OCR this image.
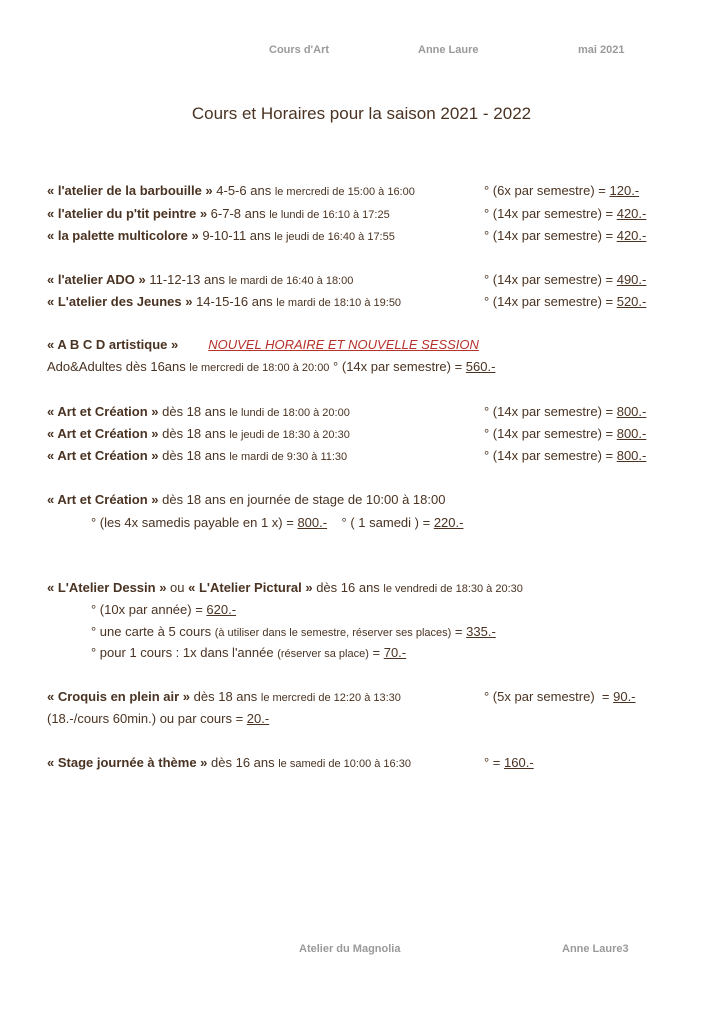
Cours d'Art	Anne Laure	mai 2021
Cours et Horaires pour la saison 2021 - 2022
« l'atelier de la barbouille » 4-5-6 ans le mercredi de 15:00 à 16:00	° (6x par semestre) = 120.-
« l'atelier du p'tit peintre » 6-7-8 ans le lundi de 16:10 à 17:25	° (14x par semestre) = 420.-
« la palette multicolore » 9-10-11 ans le jeudi de 16:40 à 17:55	° (14x par semestre) = 420.-
« l'atelier ADO » 11-12-13 ans le mardi de 16:40 à 18:00	° (14x par semestre) = 490.-
« L'atelier des Jeunes » 14-15-16 ans le mardi de 18:10 à 19:50	° (14x par semestre) = 520.-
« A B C D artistique » NOUVEL HORAIRE ET NOUVELLE SESSION
Ado&Adultes dès 16ans le mercredi de 18:00 à 20:00 ° (14x par semestre) = 560.-
« Art et Création » dès 18 ans le lundi de 18:00 à 20:00	° (14x par semestre) = 800.-
« Art et Création » dès 18 ans le jeudi de 18:30 à 20:30	° (14x par semestre) = 800.-
« Art et Création » dès 18 ans le mardi de 9:30 à 11:30	° (14x par semestre) = 800.-
« Art et Création » dès 18 ans en journée de stage de 10:00 à 18:00
° (les 4x samedis payable en 1 x) = 800.-    ° ( 1 samedi ) = 220.-
« L'Atelier Dessin » ou « L'Atelier Pictural » dès 16 ans le vendredi de 18:30 à 20:30
° (10x par année) = 620.-
° une carte à 5 cours (à utiliser dans le semestre, réserver ses places) = 335.-
° pour 1 cours : 1x dans l'année (réserver sa place) = 70.-
« Croquis en plein air » dès 18 ans le mercredi de 12:20 à 13:30	° (5x par semestre)  = 90.-
(18.-/cours 60min.) ou par cours = 20.-
« Stage journée à thème » dès 16 ans le samedi de 10:00 à 16:30	° = 160.-
Atelier du Magnolia	Anne Laure3
